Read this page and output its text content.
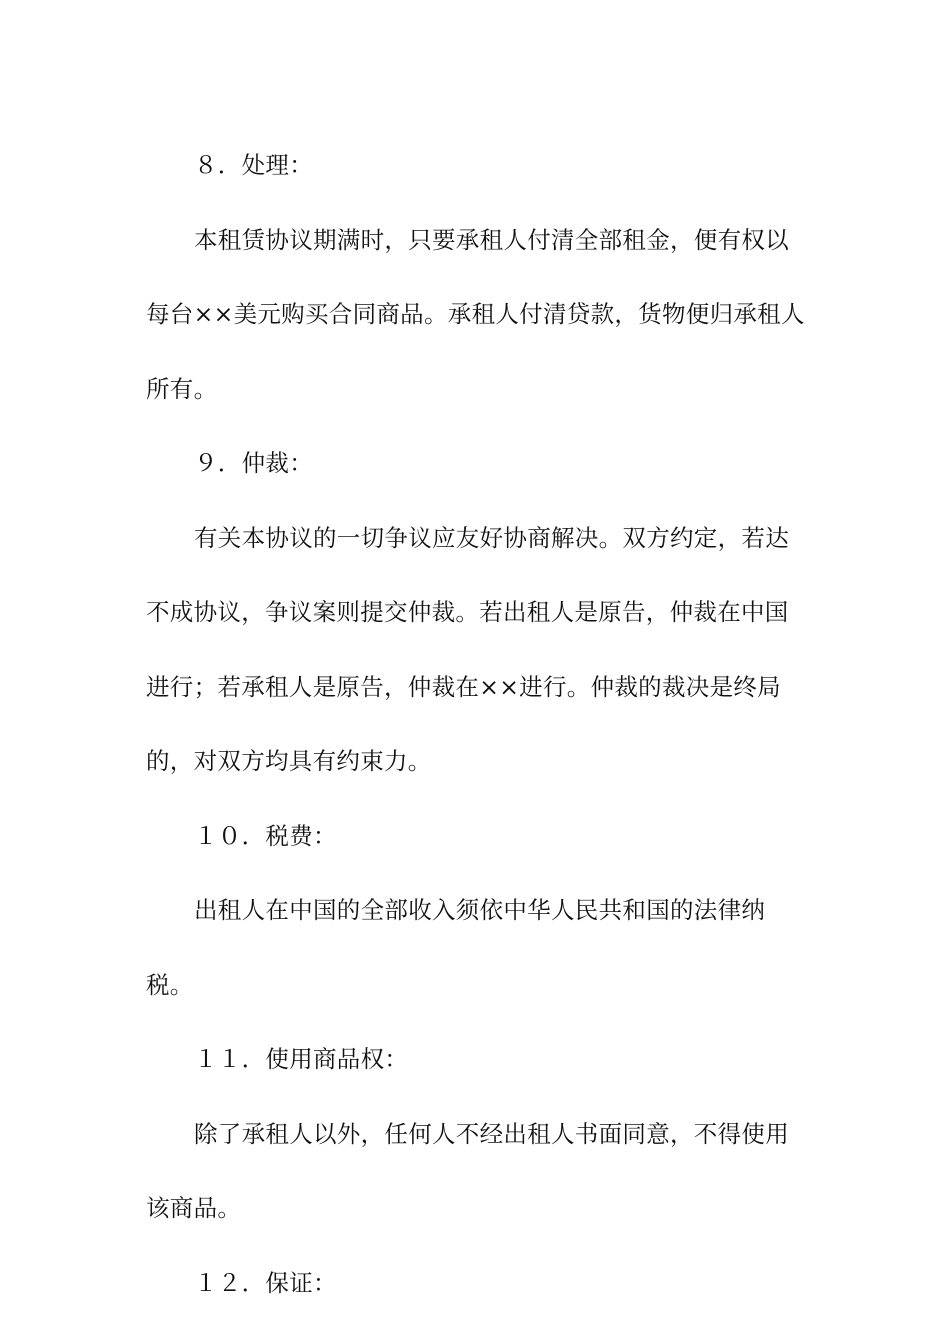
８．处理：

本租赁协议期满时，只要承租人付清全部租金，便有权以每台××美元购买合同商品。承租人付清贷款，货物便归承租人所有。

９．仲裁：

有关本协议的一切争议应友好协商解决。双方约定，若达不成协议，争议案则提交仲裁。若出租人是原告，仲裁在中国进行；若承租人是原告，仲裁在××进行。仲裁的裁决是终局的，对双方均具有约束力。

１０．税费：

出租人在中国的全部收入须依中华人民共和国的法律纳税。

１１．使用商品权：

除了承租人以外，任何人不经出租人书面同意，不得使用该商品。

１２．保证：
